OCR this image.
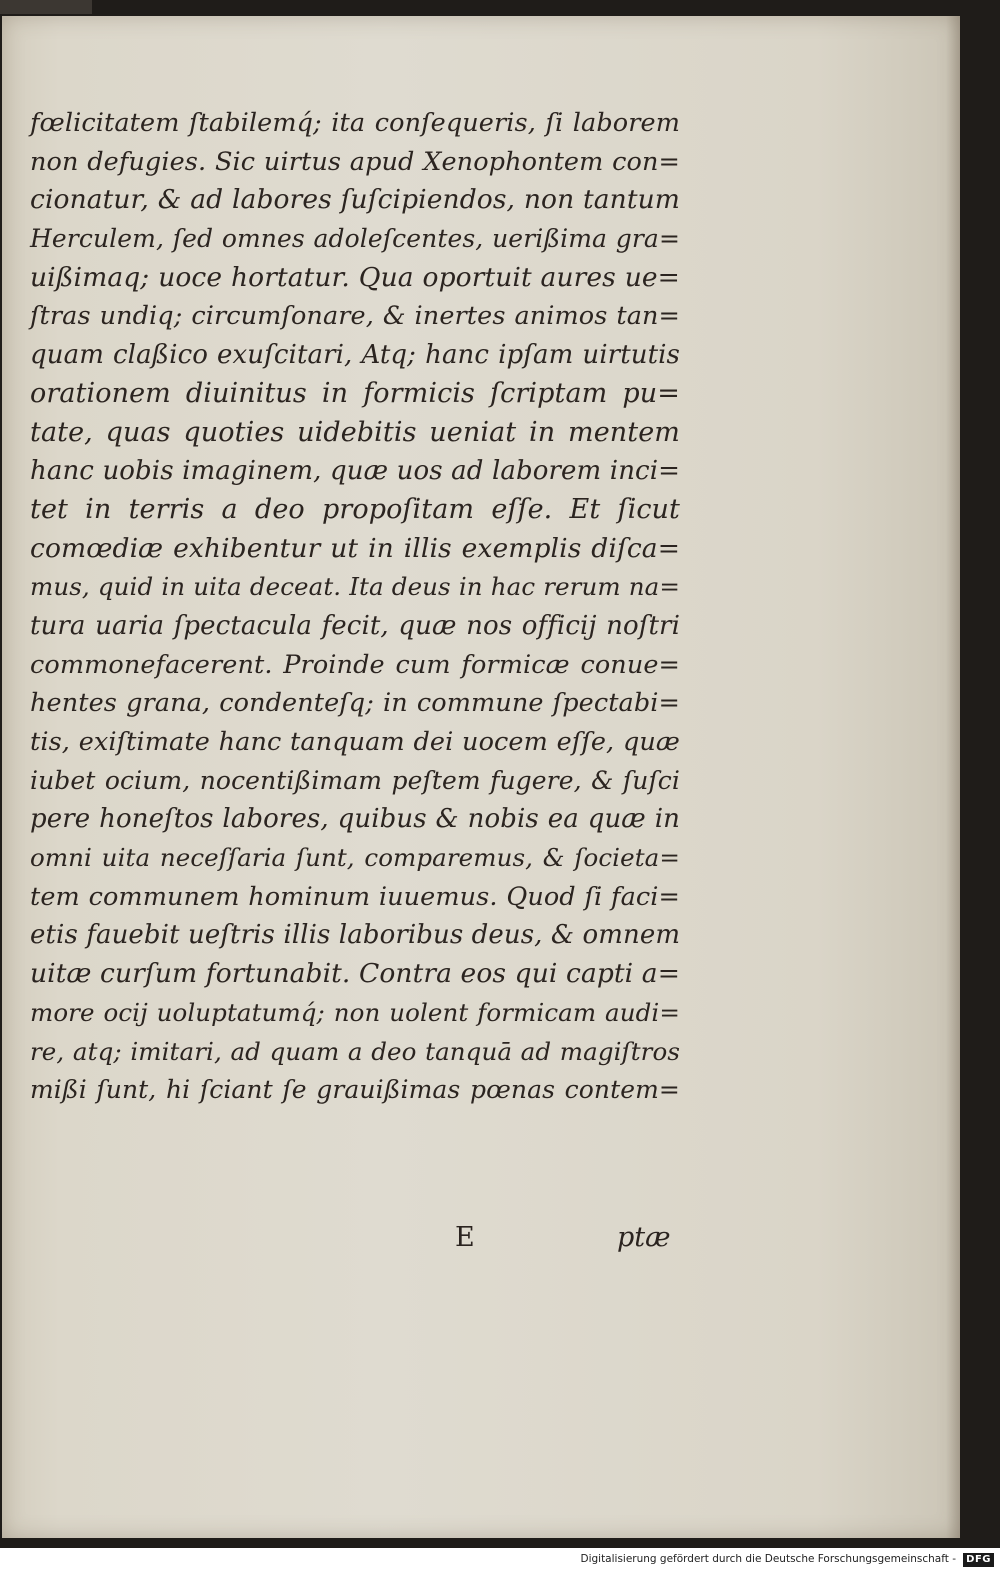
fœlicitatem ſtabilemq́; ita conſequeris, ſi laborem
non defugies. Sic uirtus apud Xenophontem con=
cionatur, & ad labores ſuſcipiendos, non tantum
Herculem, ſed omnes adoleſcentes, uerißima gra=
uißimaq; uoce hortatur. Qua oportuit aures ue=
ſtras undiq; circumſonare, & inertes animos tan=
quam claßico exuſcitari, Atq; hanc ipſam uirtutis
orationem diuinitus in formicis ſcriptam pu=
tate, quas quoties uidebitis ueniat in mentem
hanc uobis imaginem, quæ uos ad laborem inci=
tet in terris a deo propoſitam eſſe. Et ſicut
comœdiæ exhibentur ut in illis exemplis diſca=
mus, quid in uita deceat. Ita deus in hac rerum na=
tura uaria ſpectacula fecit, quæ nos officij noſtri
commonefacerent. Proinde cum formicæ conue=
hentes grana, condenteſq; in commune ſpectabi=
tis, exiſtimate hanc tanquam dei uocem eſſe, quæ
iubet ocium, nocentißimam peſtem fugere, & ſuſci
pere honeſtos labores, quibus & nobis ea quæ in
omni uita neceſſaria ſunt, comparemus, & ſocieta=
tem communem hominum iuuemus. Quod ſi faci=
etis fauebit ueſtris illis laboribus deus, & omnem
uitæ curſum fortunabit. Contra eos qui capti a=
more ocij uoluptatumq́; non uolent formicam audi=
re, atq; imitari, ad quam a deo tanquā ad magiſtros
mißi ſunt, hi ſciant ſe grauißimas pœnas contem=
E	ptæ
Digitalisierung gefördert durch die Deutsche Forschungsgemeinschaft -	DFG
